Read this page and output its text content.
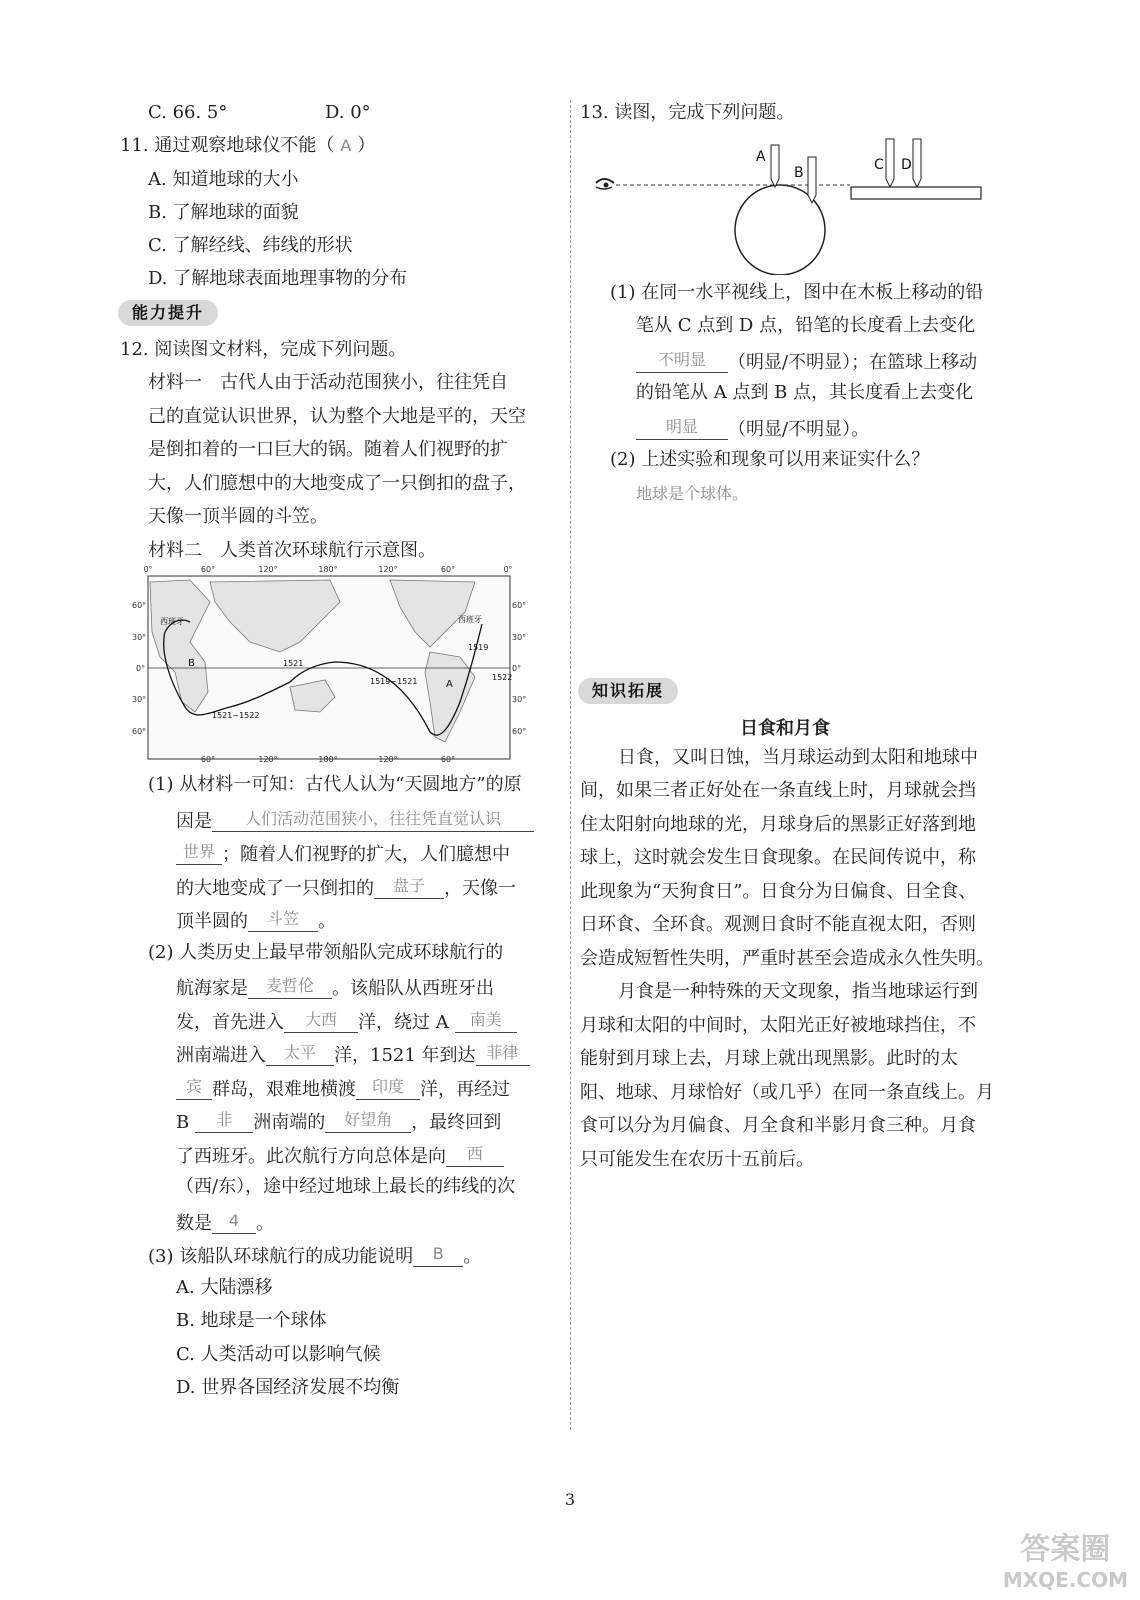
C. 66. 5°	D. 0°
11. 通过观察地球仪不能（ A ）
A. 知道地球的大小
B. 了解地球的面貌
C. 了解经线、纬线的形状
D. 了解地球表面地理事物的分布
能力提升
12. 阅读图文材料，完成下列问题。
材料一　古代人由于活动范围狭小，往往凭自
己的直觉认识世界，认为整个大地是平的，天空
是倒扣着的一口巨大的锅。随着人们视野的扩
大，人们臆想中的大地变成了一只倒扣的盘子，
天像一顶半圆的斗笠。
材料二　人类首次环球航行示意图。
0°	60°	120°	180°	120°	60°	0°
60°	120°	180°	120°	60°
60°
30°
0°
30°
60°
60°
30°
0°
30°
60°
西班牙	西班牙
B
A
1521
1519~1521
1521~1522
1519
1522
(1) 从材料一可知：古代人认为“天圆地方”的原
因是 人们活动范围狭小，往往凭直觉认识
世界 ；随着人们视野的扩大，人们臆想中
的大地变成了一只倒扣的 盘子 ，天像一
顶半圆的 斗笠 。
(2) 人类历史上最早带领船队完成环球航行的
航海家是 麦哲伦 。该船队从西班牙出
发，首先进入 大西 洋，绕过 A 南美
洲南端进入 太平 洋，1521 年到达 菲律
宾 群岛，艰难地横渡 印度 洋，再经过
B 非 洲南端的 好望角 ，最终回到
了西班牙。此次航行方向总体是向 西
（西/东），途中经过地球上最长的纬线的次
数是 4 。
(3) 该船队环球航行的成功能说明 B 。
A. 大陆漂移
B. 地球是一个球体
C. 人类活动可以影响气候
D. 世界各国经济发展不均衡
13. 读图，完成下列问题。
A
B	C D
(1) 在同一水平视线上，图中在木板上移动的铅
笔从 C 点到 D 点，铅笔的长度看上去变化
不明显 （明显/不明显）；在篮球上移动
的铅笔从 A 点到 B 点，其长度看上去变化
明显 （明显/不明显）。
(2) 上述实验和现象可以用来证实什么？
地球是个球体。
知识拓展
日食和月食
日食，又叫日蚀，当月球运动到太阳和地球中
间，如果三者正好处在一条直线上时，月球就会挡
住太阳射向地球的光，月球身后的黑影正好落到地
球上，这时就会发生日食现象。在民间传说中，称
此现象为“天狗食日”。日食分为日偏食、日全食、
日环食、全环食。观测日食时不能直视太阳，否则
会造成短暂性失明，严重时甚至会造成永久性失明。
月食是一种特殊的天文现象，指当地球运行到
月球和太阳的中间时，太阳光正好被地球挡住，不
能射到月球上去，月球上就出现黑影。此时的太
阳、地球、月球恰好（或几乎）在同一条直线上。月
食可以分为月偏食、月全食和半影月食三种。月食
只可能发生在农历十五前后。
3
答案圈
MXQE.COM
